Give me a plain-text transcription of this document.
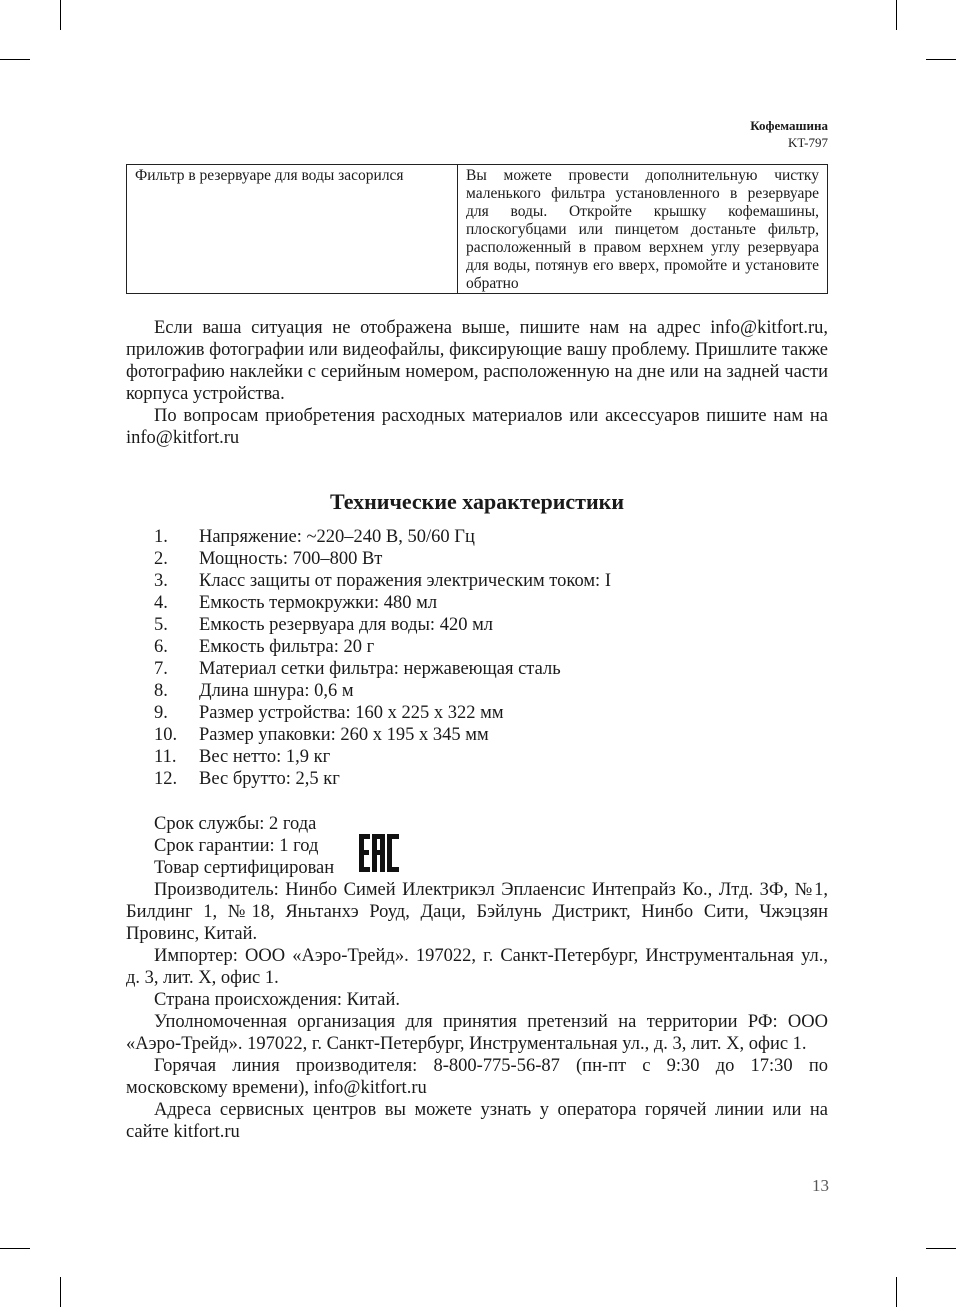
Кофемашина
KT-797
Фильтр в резервуаре для воды засорился	Вы можете провести дополнительную чистку маленького фильтра установленного в резервуаре для воды. Откройте крышку кофемашины, плоскогубцами или пинцетом достаньте фильтр, расположенный в правом верхнем углу резервуара для воды, потянув его вверх, промойте и установите обратно
Если ваша ситуация не отображена выше, пишите нам на адрес info@kitfort.ru, приложив фотографии или видеофайлы, фиксирующие вашу проблему. Пришлите также фотографию наклейки с серийным номером, расположенную на дне или на задней части корпуса устройства.
По вопросам приобретения расходных материалов или аксессуаров пишите нам на info@kitfort.ru
Технические характеристики
1.	Напряжение: ~220–240 В, 50/60 Гц
2.	Мощность: 700–800 Вт
3.	Класс защиты от поражения электрическим током: I
4.	Емкость термокружки: 480 мл
5.	Емкость резервуара для воды: 420 мл
6.	Емкость фильтра: 20 г
7.	Материал сетки фильтра: нержавеющая сталь
8.	Длина шнура: 0,6 м
9.	Размер устройства: 160 x 225 x 322 мм
10.	Размер упаковки: 260 x 195 x 345 мм
11.	Вес нетто: 1,9 кг
12.	Вес брутто: 2,5 кг
Срок службы: 2 года
Срок гарантии: 1 год
Товар сертифицирован
Производитель: Нинбо Симей Илектрикэл Эплаенсис Интепрайз Ко., Лтд. 3Ф, №1, Билдинг 1, №18, Яньтанхэ Роуд, Даци, Бэйлунь Дистрикт, Нинбо Сити, Чжэцзян Провинс, Китай.
Импортер: ООО «Аэро-Трейд». 197022, г. Санкт-Петербург, Инструментальная ул., д. 3, лит. Х, офис 1.
Страна происхождения: Китай.
Уполномоченная организация для принятия претензий на территории РФ: ООО «Аэро-Трейд». 197022, г. Санкт-Петербург, Инструментальная ул., д. 3, лит. Х, офис 1.
Горячая линия производителя: 8-800-775-56-87 (пн-пт с 9:30 до 17:30 по московскому времени), info@kitfort.ru
Адреса сервисных центров вы можете узнать у оператора горячей линии или на сайте kitfort.ru
13
